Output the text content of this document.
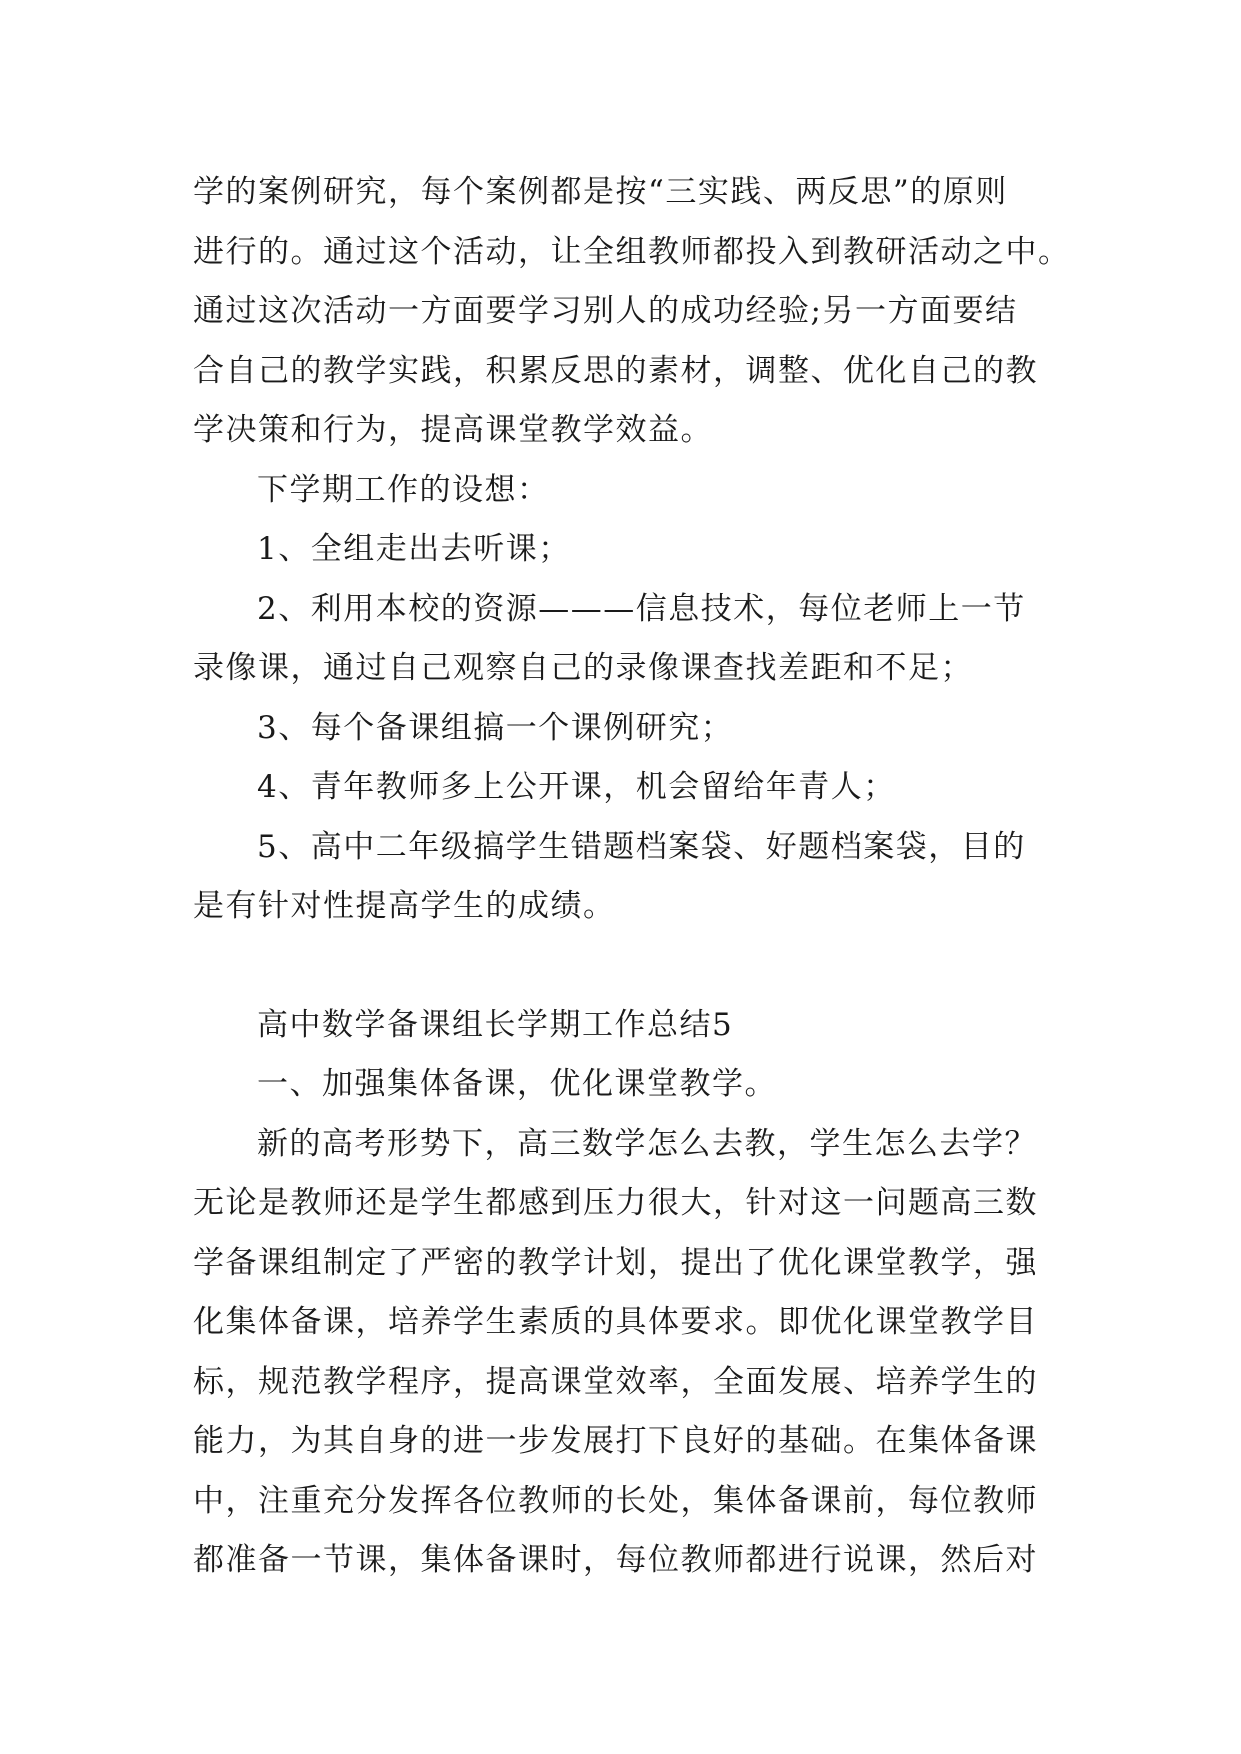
学的案例研究，每个案例都是按“三实践、两反思”的原则
进行的。通过这个活动，让全组教师都投入到教研活动之中。
通过这次活动一方面要学习别人的成功经验;另一方面要结
合自己的教学实践，积累反思的素材，调整、优化自己的教
学决策和行为，提高课堂教学效益。
下学期工作的设想：
1、全组走出去听课；
2、利用本校的资源———信息技术，每位老师上一节
录像课，通过自己观察自己的录像课查找差距和不足；
3、每个备课组搞一个课例研究；
4、青年教师多上公开课，机会留给年青人；
5、高中二年级搞学生错题档案袋、好题档案袋，目的
是有针对性提高学生的成绩。
高中数学备课组长学期工作总结5
一、加强集体备课，优化课堂教学。
新的高考形势下，高三数学怎么去教，学生怎么去学？
无论是教师还是学生都感到压力很大，针对这一问题高三数
学备课组制定了严密的教学计划，提出了优化课堂教学，强
化集体备课，培养学生素质的具体要求。即优化课堂教学目
标，规范教学程序，提高课堂效率，全面发展、培养学生的
能力，为其自身的进一步发展打下良好的基础。在集体备课
中，注重充分发挥各位教师的长处，集体备课前，每位教师
都准备一节课，集体备课时，每位教师都进行说课，然后对
